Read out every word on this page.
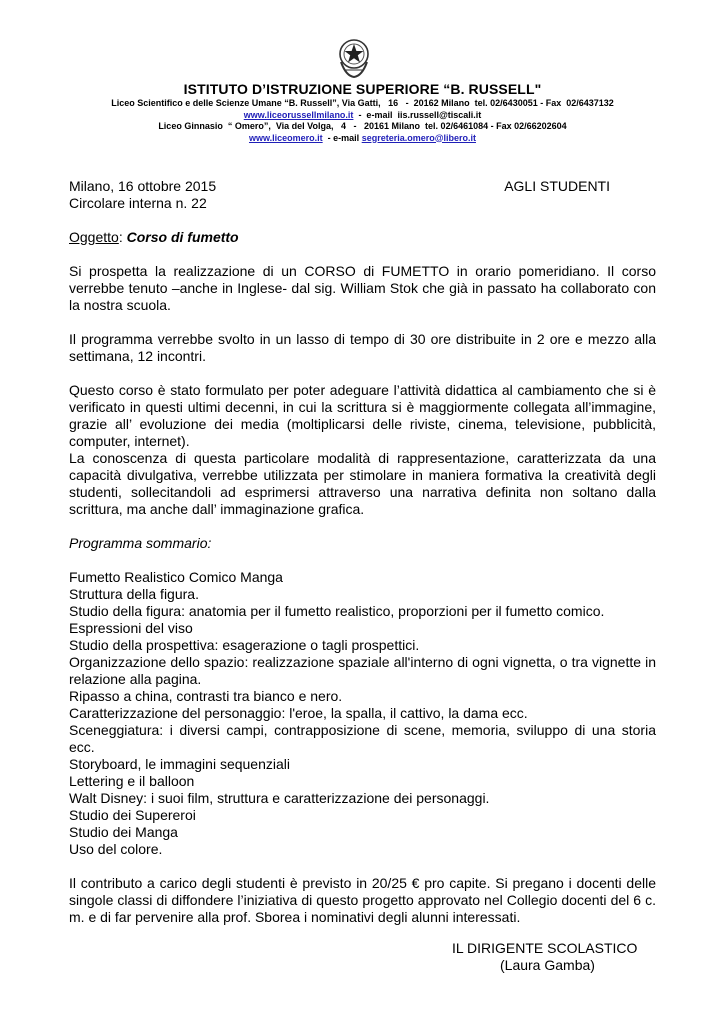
ISTITUTO D’ISTRUZIONE SUPERIORE “B. RUSSELL"
Liceo Scientifico e delle Scienze Umane “B. Russell”, Via Gatti,   16   -  20162 Milano  tel. 02/6430051 - Fax  02/6437132
www.liceorussellmilano.it  -  e-mail  iis.russell@tiscali.it
Liceo Ginnasio  “ Omero”,  Via del Volga,   4   -   20161 Milano  tel. 02/6461084 - Fax 02/66202604
www.liceomero.it  - e-mail segreteria.omero@libero.it
Milano, 16 ottobre 2015	AGLI STUDENTI

Circolare interna n. 22

Oggetto: Corso di fumetto

Si prospetta la realizzazione di un CORSO di FUMETTO in orario pomeridiano. Il corso verrebbe tenuto –anche in Inglese- dal sig. William Stok che già in passato ha collaborato con la nostra scuola.

Il programma verrebbe svolto in un lasso di tempo di 30 ore distribuite in 2 ore e mezzo alla settimana, 12 incontri.

Questo corso è stato formulato per poter adeguare l’attività didattica al cambiamento che si è verificato in questi ultimi decenni, in cui la scrittura si è maggiormente collegata all’immagine, grazie all’ evoluzione dei media (moltiplicarsi delle riviste, cinema, televisione, pubblicità, computer, internet).

La conoscenza di questa particolare modalità di rappresentazione, caratterizzata da una capacità divulgativa, verrebbe utilizzata per stimolare in maniera formativa la creatività degli studenti, sollecitandoli ad esprimersi attraverso una narrativa definita non soltano dalla scrittura, ma anche dall’ immaginazione grafica.

Programma sommario:

Fumetto Realistico Comico Manga

Struttura della figura.

Studio della figura: anatomia per il fumetto realistico, proporzioni per il fumetto comico.

Espressioni del viso

Studio della prospettiva: esagerazione o tagli prospettici.

Organizzazione dello spazio: realizzazione spaziale all'interno di ogni vignetta, o tra vignette in relazione alla pagina.

Ripasso a china, contrasti tra bianco e nero.

Caratterizzazione del personaggio: l'eroe, la spalla, il cattivo, la dama ecc.

Sceneggiatura: i diversi campi, contrapposizione di scene, memoria, sviluppo di una storia ecc.

Storyboard, le immagini sequenziali

Lettering e il balloon

Walt Disney: i suoi film, struttura e caratterizzazione dei personaggi.

Studio dei Supereroi

Studio dei Manga

Uso del colore.

Il contributo a carico degli studenti è previsto in 20/25 € pro capite. Si pregano i docenti delle singole classi di diffondere l’iniziativa di questo progetto approvato nel Collegio docenti del 6 c. m. e di far pervenire alla prof. Sborea i nominativi degli alunni interessati.

IL DIRIGENTE SCOLASTICO
(Laura Gamba)
